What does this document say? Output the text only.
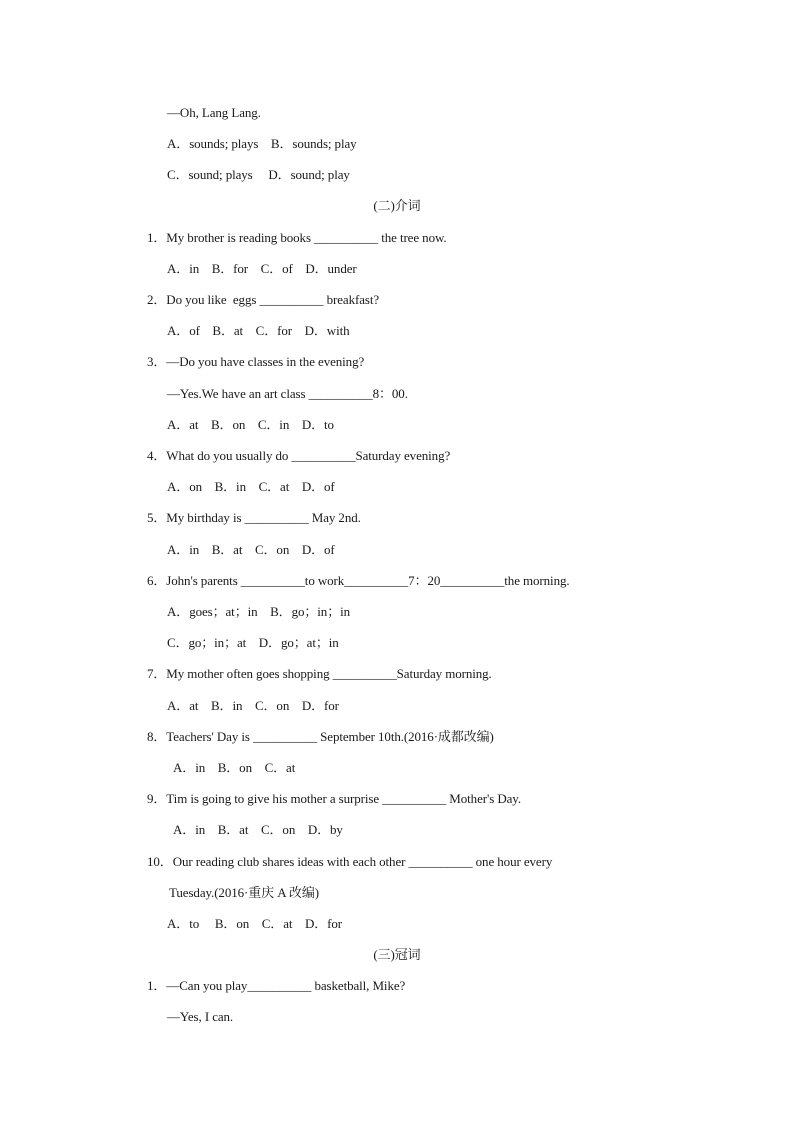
—Oh, Lang Lang.
A．sounds; plays    B．sounds; play
C．sound; plays     D．sound; play
(二)介词
1．My brother is reading books __________ the tree now.
A．in    B．for    C．of    D．under
2．Do you like  eggs __________ breakfast?
A．of    B．at    C．for    D．with
3．—Do you have classes in the evening?
—Yes.We have an art class __________8：00.
A．at    B．on    C．in    D．to
4．What do you usually do __________Saturday evening?
A．on    B．in    C．at    D．of
5．My birthday is __________ May 2nd.
A．in    B．at    C．on    D．of
6．John's parents __________to work__________7：20__________the morning.
A．goes；at；in    B．go；in；in
C．go；in；at    D．go；at；in
7．My mother often goes shopping __________Saturday morning.
A．at    B．in    C．on    D．for
8．Teachers' Day is __________ September 10th.(2016·成都改编)
A．in    B．on    C．at
9．Tim is going to give his mother a surprise __________ Mother's Day.
A．in    B．at    C．on    D．by
10．Our reading club shares ideas with each other __________ one hour every
Tuesday.(2016·重庆 A 改编)
A．to     B．on    C．at    D．for
(三)冠词
1．—Can you play__________ basketball, Mike?
—Yes, I can.
